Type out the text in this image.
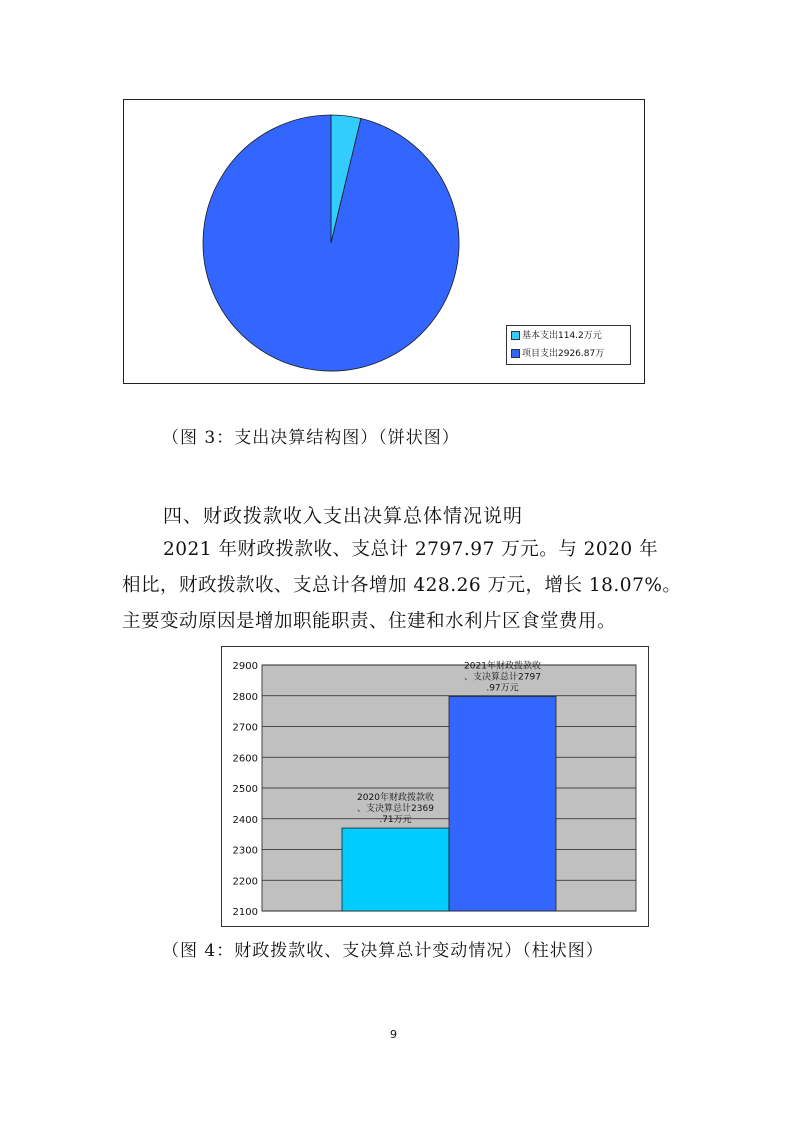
基本支出114.2万元
项目支出2926.87万
（图 3：支出决算结构图）（饼状图）
四、财政拨款收入支出决算总体情况说明
2021 年财政拨款收、支总计 2797.97 万元。与 2020 年
相比，财政拨款收、支总计各增加 428.26 万元，增长 18.07%。
主要变动原因是增加职能职责、住建和水利片区食堂费用。
2100
2200
2300
2400
2500
2600
2700
2800
2900
2020年财政拨款收
、支决算总计2369
.71万元
2021年财政拨款收
、支决算总计2797
.97万元
（图 4：财政拨款收、支决算总计变动情况）（柱状图）
9
